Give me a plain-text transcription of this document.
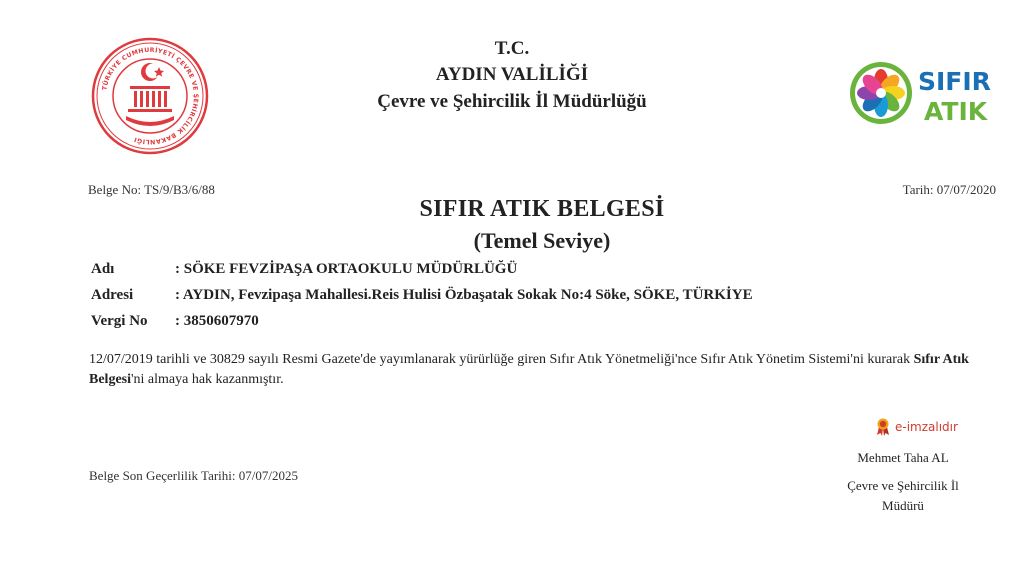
TÜRKİYE CUMHURİYETİ ÇEVRE VE ŞEHİRCİLİK BAKANLIĞI
T.C.
AYDIN VALİLİĞİ
Çevre ve Şehircilik İl Müdürlüğü
SIFIR
ATIK
Belge No: TS/9/B3/6/88	Tarih: 07/07/2020
SIFIR ATIK BELGESİ
(Temel Seviye)
Adı	: SÖKE FEVZİPAŞA ORTAOKULU MÜDÜRLÜĞÜ
Adresi	: AYDIN, Fevzipaşa Mahallesi.Reis Hulisi Özbaşatak Sokak No:4 Söke, SÖKE, TÜRKİYE
Vergi No	: 3850607970
12/07/2019 tarihli ve 30829 sayılı Resmi Gazete'de yayımlanarak yürürlüğe giren Sıfır Atık Yönetmeliği'nce Sıfır Atık Yönetim Sistemi'ni kurarak Sıfır Atık Belgesi'ni almaya hak kazanmıştır.
e-imzalıdır
Mehmet Taha AL
Çevre ve Şehircilik İl
Müdürü
Belge Son Geçerlilik Tarihi: 07/07/2025
